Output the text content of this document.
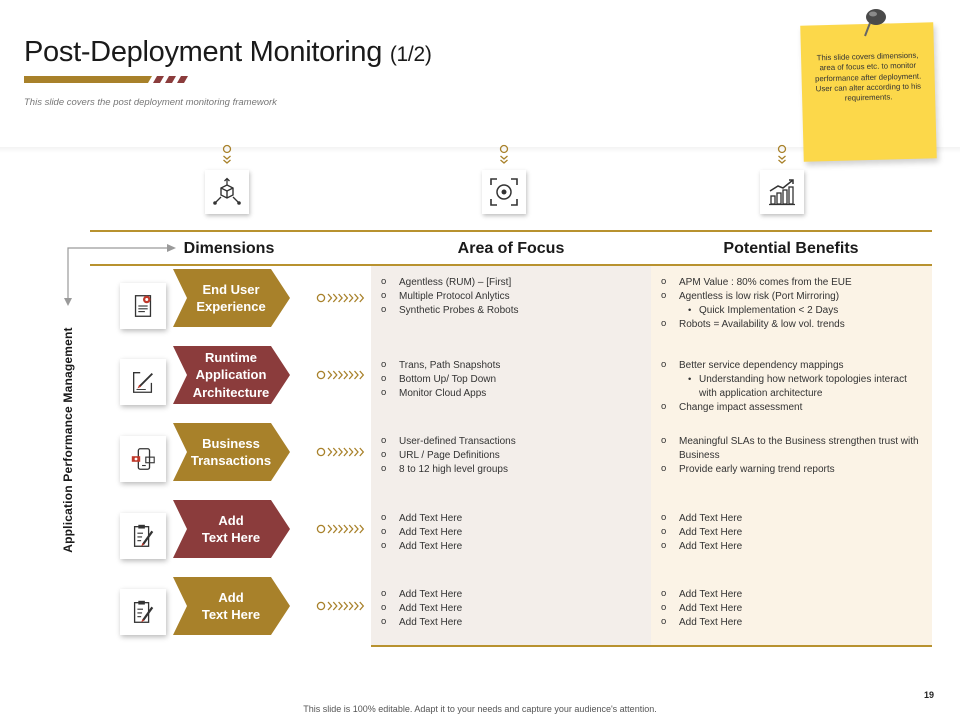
Post-Deployment Monitoring (1/2)
This slide covers the post deployment monitoring framework
This slide covers dimensions, area of focus etc. to monitor performance after deployment. User can alter according to his requirements.
Dimensions	Area of Focus	Potential Benefits
Application Performance Management
End User
Experience
o Agentless (RUM) – [First]
o Multiple Protocol Anlytics
o Synthetic Probes & Robots
o APM Value : 80% comes from the EUE
o Agentless is low risk (Port Mirroring)
• Quick Implementation < 2 Days
o Robots = Availability & low vol. trends
Runtime
Application
Architecture
o Trans, Path Snapshots
o Bottom Up/ Top Down
o Monitor Cloud Apps
o Better service dependency mappings
• Understanding how network topologies interact with application architecture
o Change impact assessment
Business
Transactions
o User-defined Transactions
o URL / Page Definitions
o 8 to 12 high level groups
o Meaningful SLAs to the Business strengthen trust with Business
o Provide early warning trend reports
Add
Text Here
o Add Text Here
o Add Text Here
o Add Text Here
o Add Text Here
o Add Text Here
o Add Text Here
Add
Text Here
o Add Text Here
o Add Text Here
o Add Text Here
o Add Text Here
o Add Text Here
o Add Text Here
19
This slide is 100% editable. Adapt it to your needs and capture your audience's attention.
